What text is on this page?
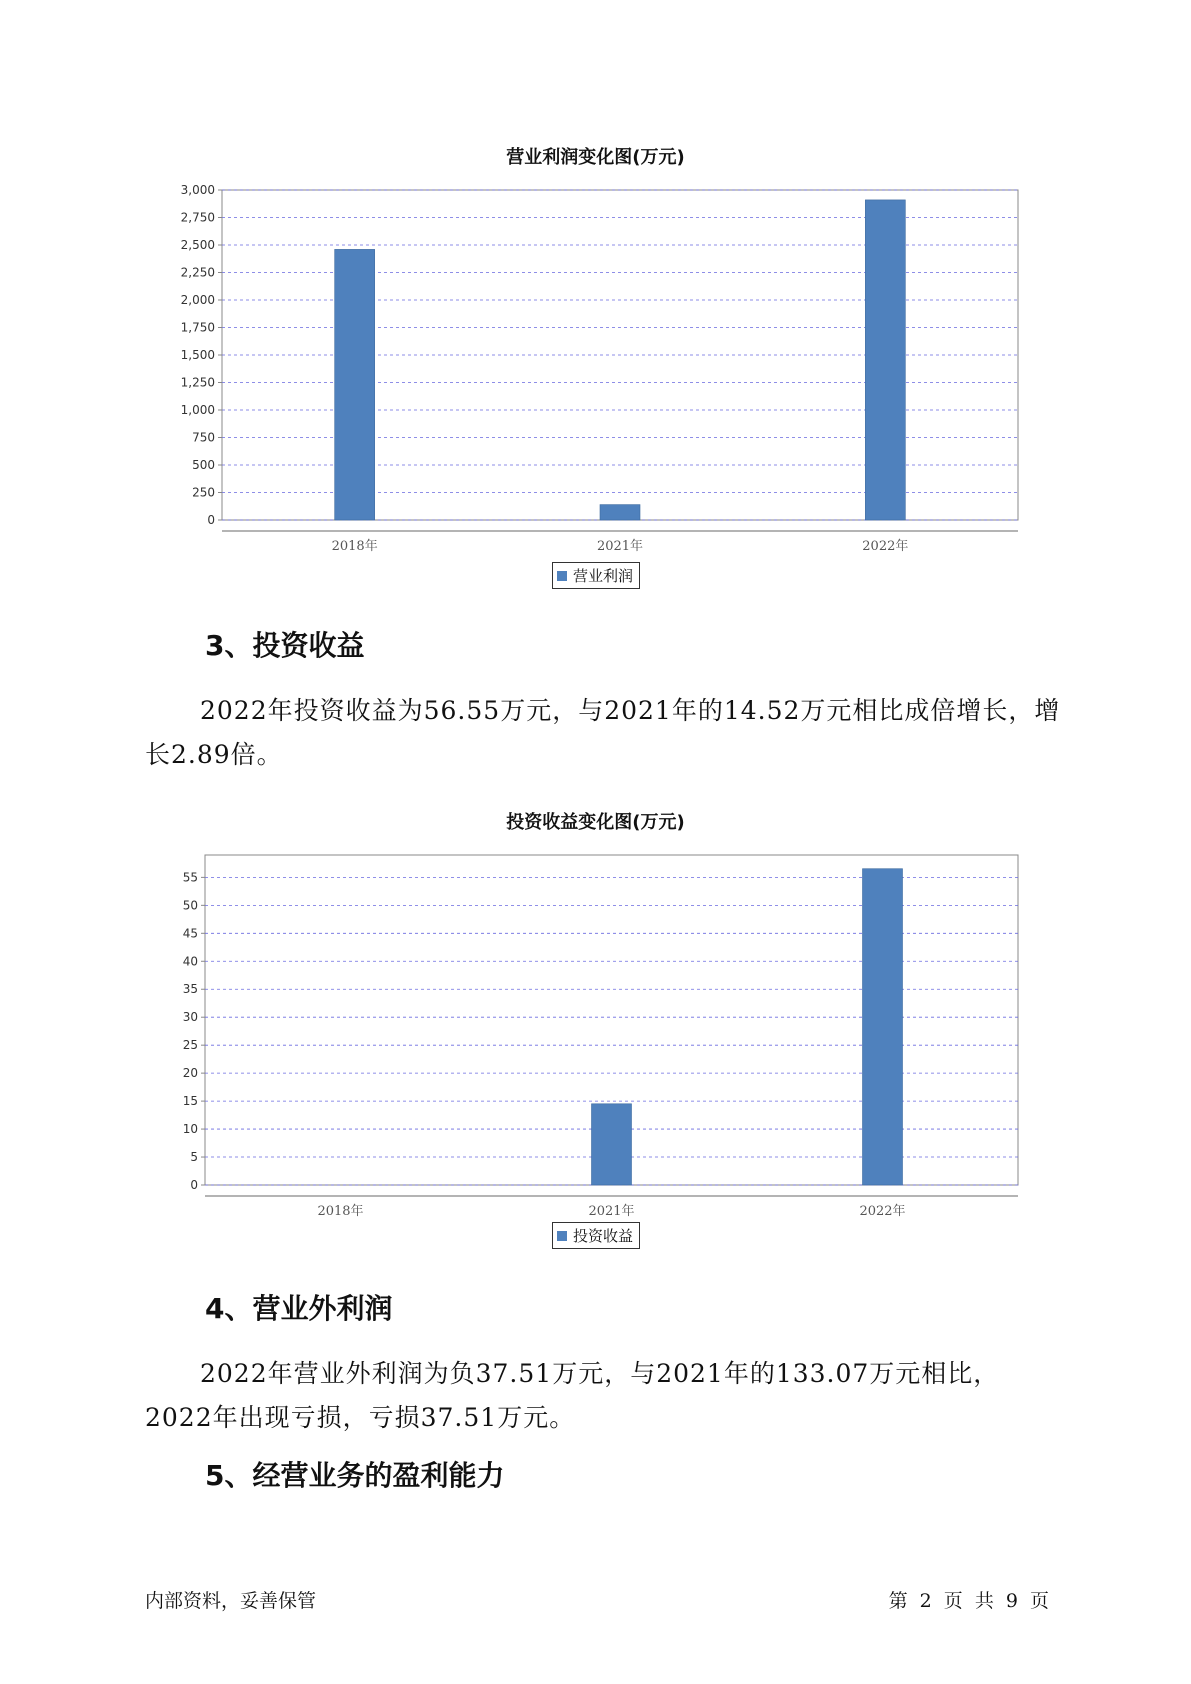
营业利润变化图(万元)
0
250
500
750
1,000
1,250
1,500
1,750
2,000
2,250
2,500
2,750
3,000
2018年	2021年	2022年
营业利润
3、投资收益

2022年投资收益为56.55万元，与2021年的14.52万元相比成倍增长，增长2.89倍。

投资收益变化图(万元)
0
5
10
15
20
25
30
35
40
45
50
55
2018年	2021年	2022年
投资收益
4、营业外利润

2022年营业外利润为负37.51万元，与2021年的133.07万元相比，2022年出现亏损，亏损37.51万元。

5、经营业务的盈利能力
内部资料，妥善保管	第 2 页 共 9 页
